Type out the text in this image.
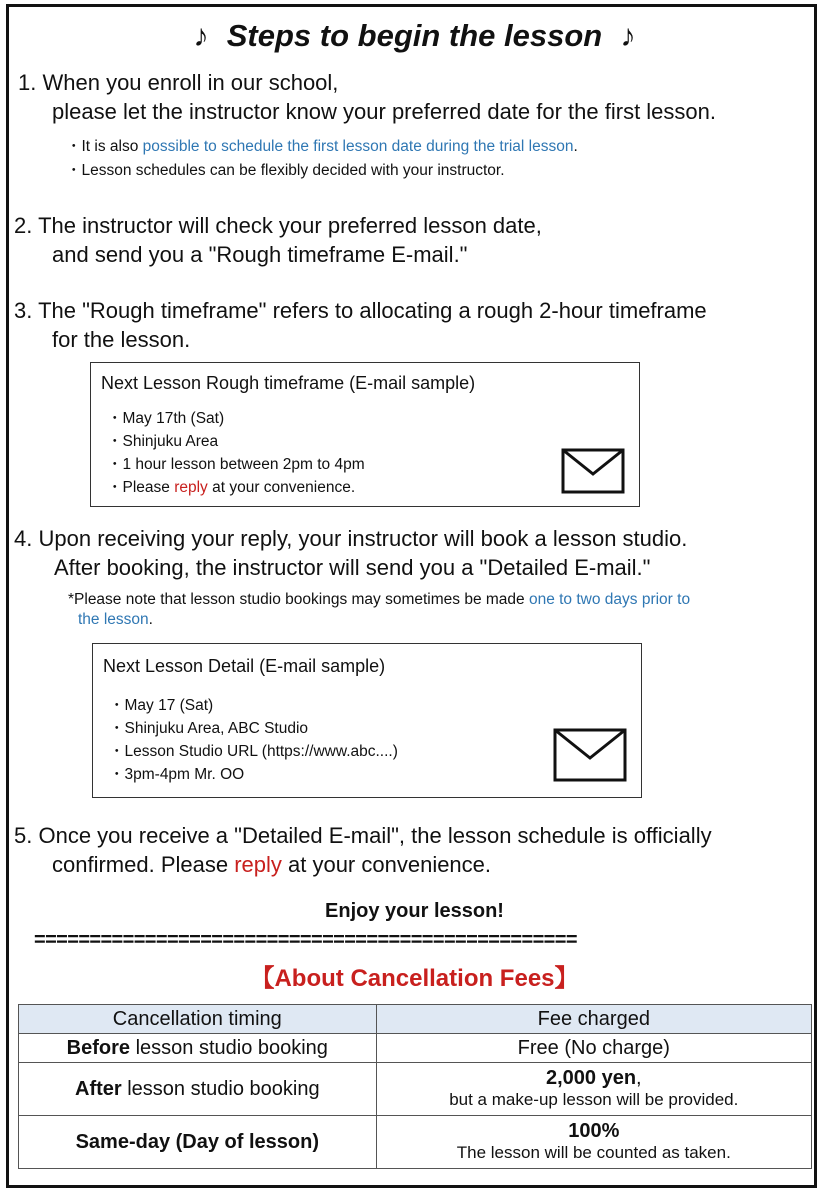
♪ Steps to begin the lesson ♪
1. When you enroll in our school,
please let the instructor know your preferred date for the first lesson.
・It is also possible to schedule the first lesson date during the trial lesson.
・Lesson schedules can be flexibly decided with your instructor.
2. The instructor will check your preferred lesson date,
and send you a "Rough timeframe E-mail."
3. The "Rough timeframe" refers to allocating a rough 2-hour timeframe
for the lesson.
Next Lesson Rough timeframe (E-mail sample)
・May 17th (Sat)
・Shinjuku Area
・1 hour lesson between 2pm to 4pm
・Please reply at your convenience.
4. Upon receiving your reply, your instructor will book a lesson studio.
After booking, the instructor will send you a "Detailed E-mail."
*Please note that lesson studio bookings may sometimes be made one to two days prior to
the lesson.
Next Lesson Detail (E-mail sample)
・May 17 (Sat)
・Shinjuku Area, ABC Studio
・Lesson Studio URL (https://www.abc....)
・3pm-4pm Mr. OO
5. Once you receive a "Detailed E-mail", the lesson schedule is officially
confirmed. Please reply at your convenience.
Enjoy your lesson!
=================================================
【About Cancellation Fees】
Cancellation timing	Fee charged
Before lesson studio booking	Free (No charge)
After lesson studio booking	2,000 yen,
but a make-up lesson will be provided.

Same-day (Day of lesson)	100%
The lesson will be counted as taken.
